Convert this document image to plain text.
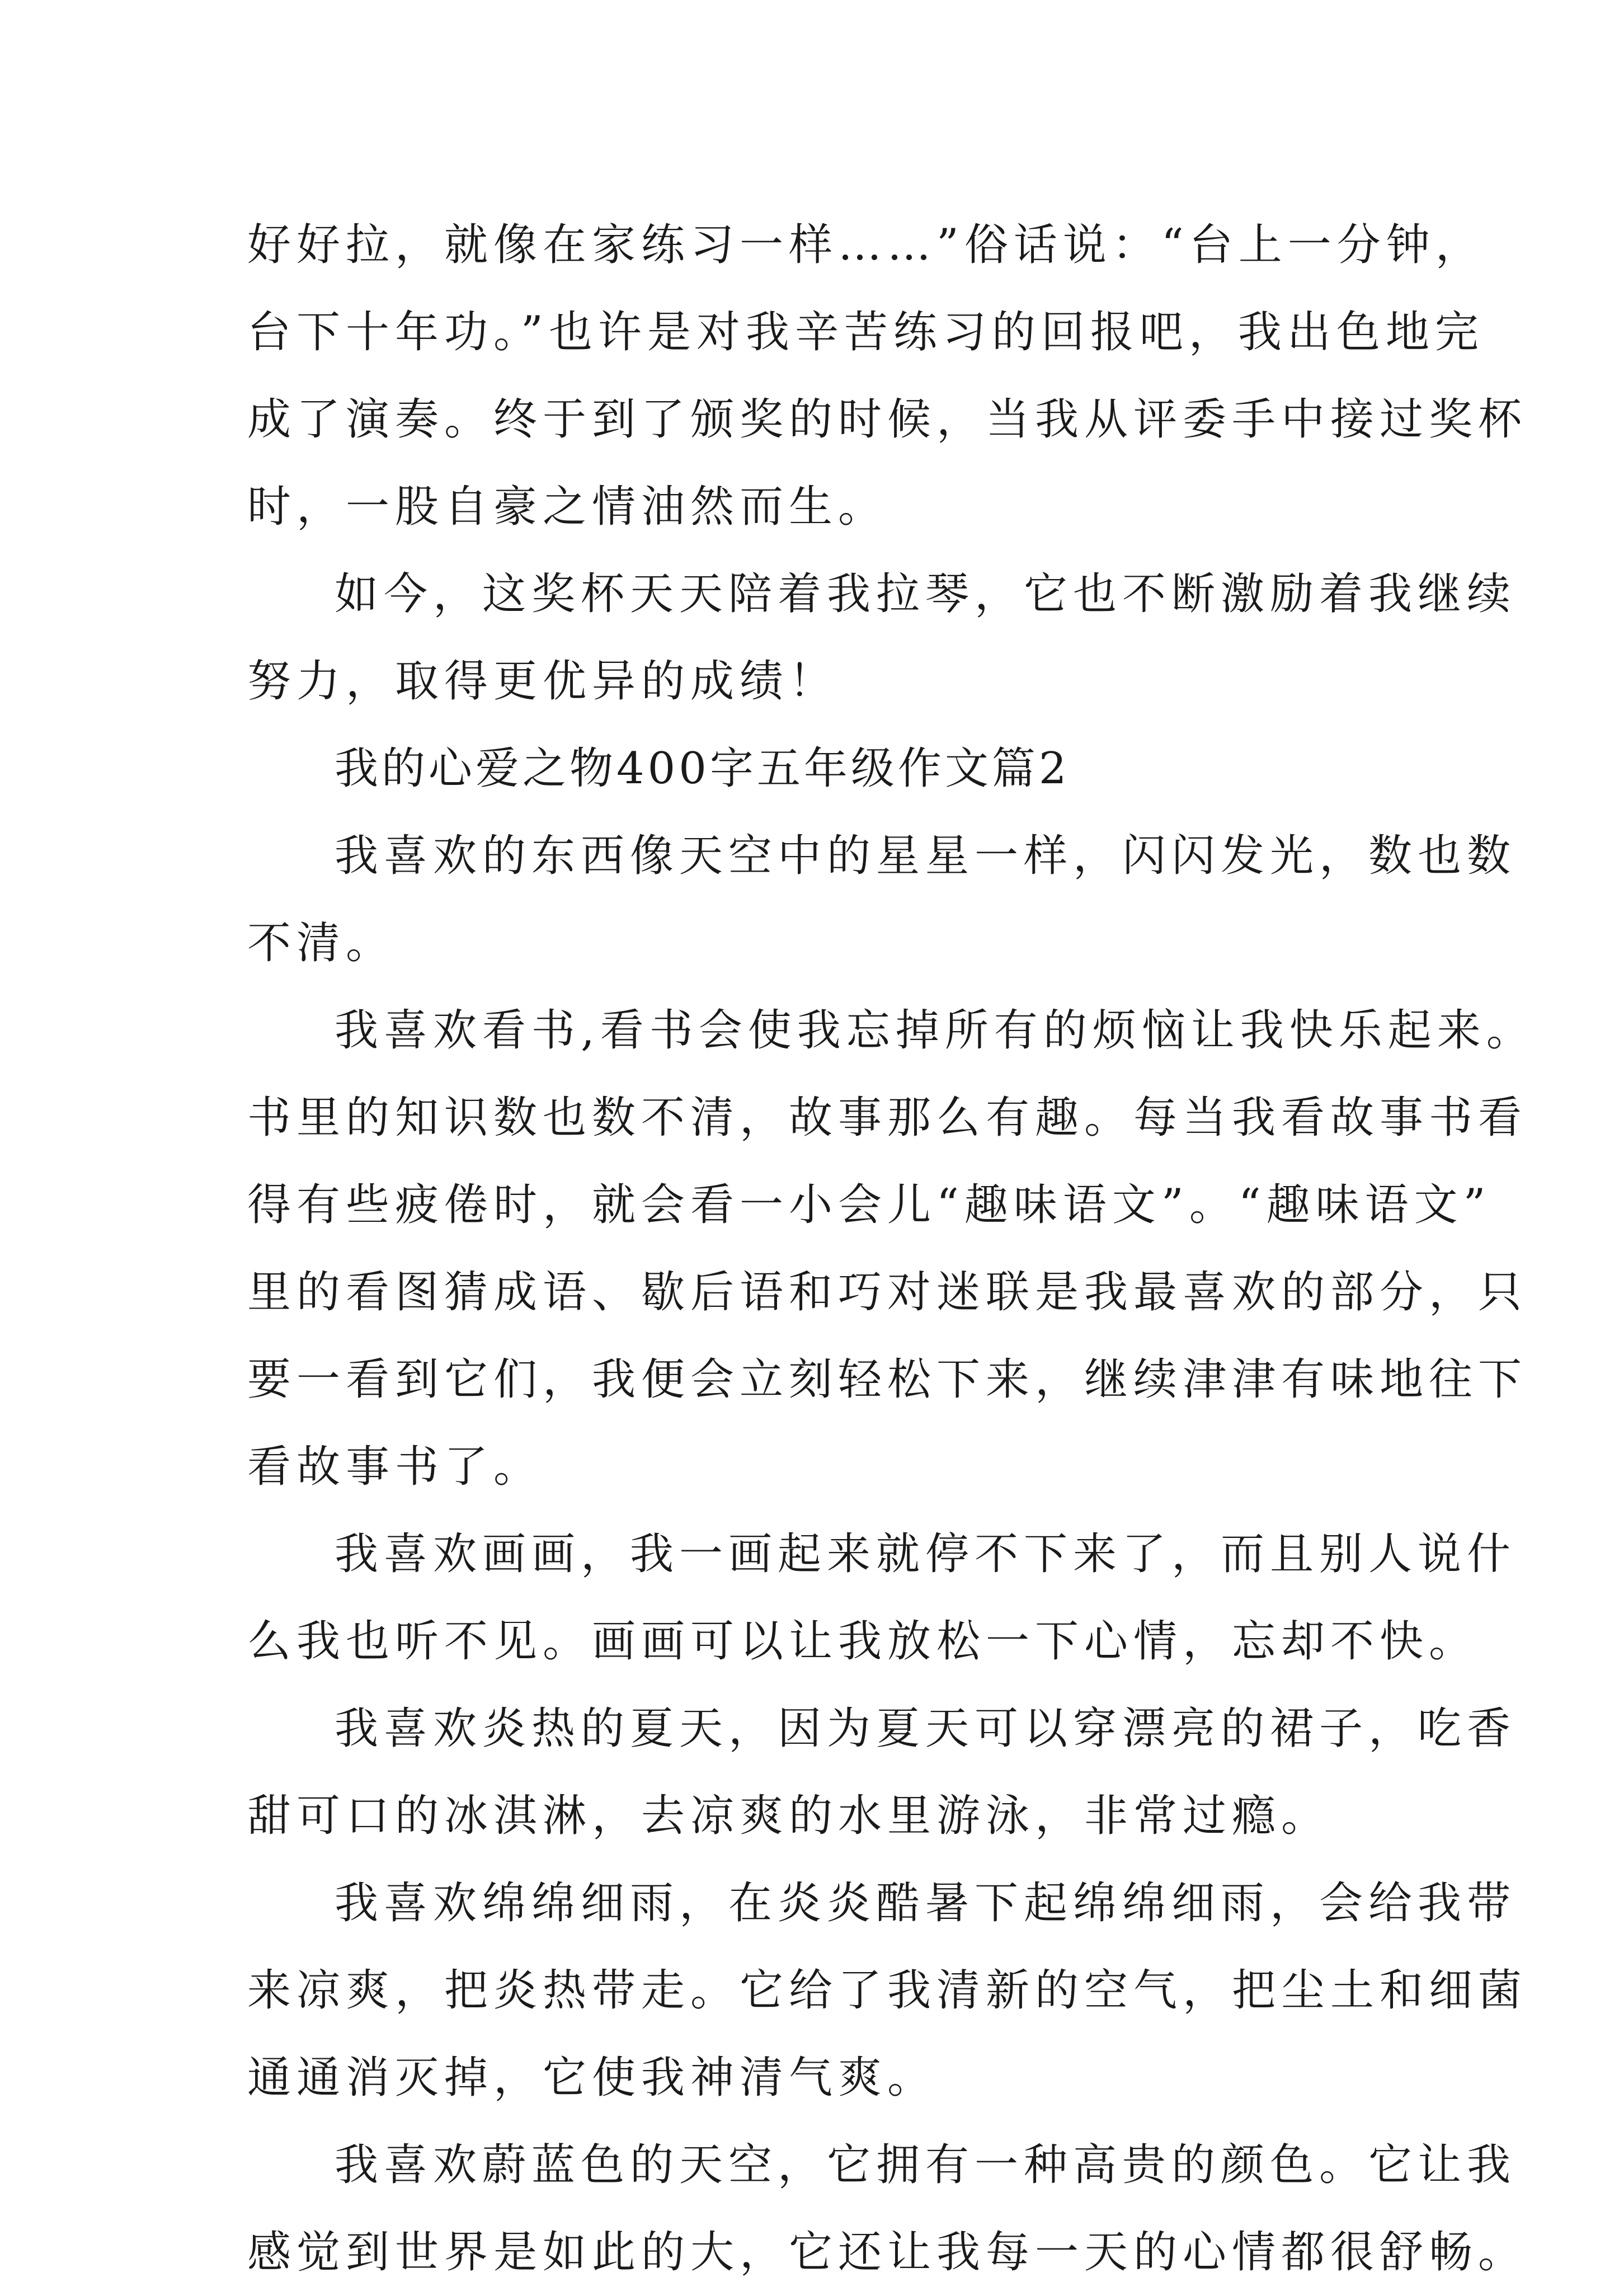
好好拉，就像在家练习一样……”俗话说：“台上一分钟，
台下十年功。”也许是对我辛苦练习的回报吧，我出色地完
成了演奏。终于到了颁奖的时候，当我从评委手中接过奖杯
时，一股自豪之情油然而生。
如今，这奖杯天天陪着我拉琴，它也不断激励着我继续
努力，取得更优异的成绩！
我的心爱之物400字五年级作文篇2
我喜欢的东西像天空中的星星一样，闪闪发光，数也数
不清。
我喜欢看书,看书会使我忘掉所有的烦恼让我快乐起来。
书里的知识数也数不清，故事那么有趣。每当我看故事书看
得有些疲倦时，就会看一小会儿“趣味语文”。“趣味语文”
里的看图猜成语、歇后语和巧对迷联是我最喜欢的部分，只
要一看到它们，我便会立刻轻松下来，继续津津有味地往下
看故事书了。
我喜欢画画，我一画起来就停不下来了，而且别人说什
么我也听不见。画画可以让我放松一下心情，忘却不快。
我喜欢炎热的夏天，因为夏天可以穿漂亮的裙子，吃香
甜可口的冰淇淋，去凉爽的水里游泳，非常过瘾。
我喜欢绵绵细雨，在炎炎酷暑下起绵绵细雨，会给我带
来凉爽，把炎热带走。它给了我清新的空气，把尘土和细菌
通通消灭掉，它使我神清气爽。
我喜欢蔚蓝色的天空，它拥有一种高贵的颜色。它让我
感觉到世界是如此的大，它还让我每一天的心情都很舒畅。
